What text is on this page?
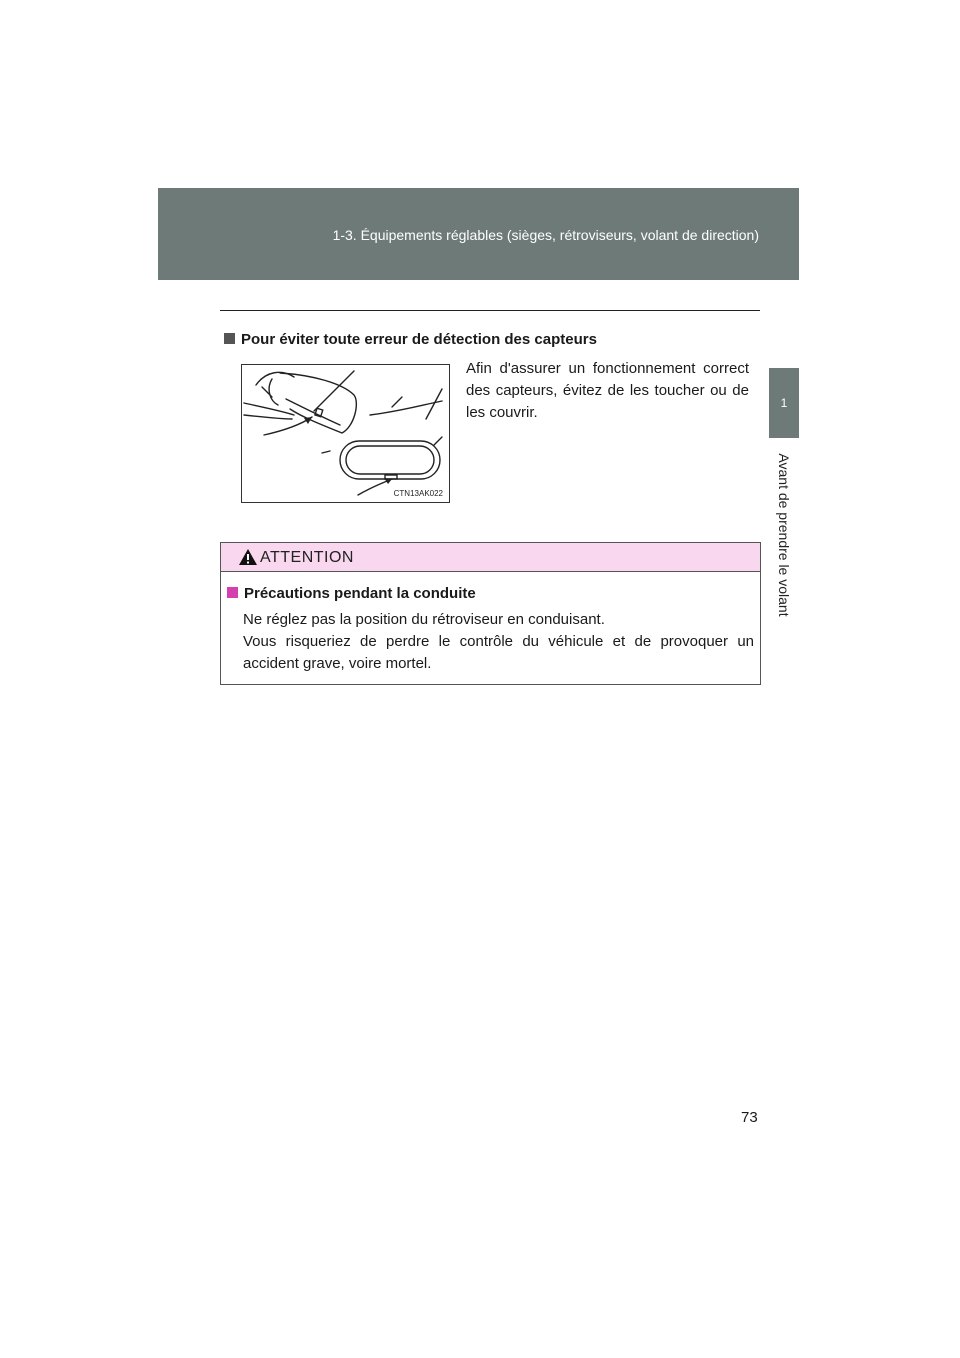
1-3. Équipements réglables (sièges, rétroviseurs, volant de direction)
1
Avant de prendre le volant
Pour éviter toute erreur de détection des capteurs
CTN13AK022
Afin d'assurer un fonctionnement correct des capteurs, évitez de les toucher ou de les couvrir.
ATTENTION
Précautions pendant la conduite

Ne réglez pas la position du rétroviseur en conduisant.

Vous risqueriez de perdre le contrôle du véhicule et de provoquer un accident grave, voire mortel.

73
